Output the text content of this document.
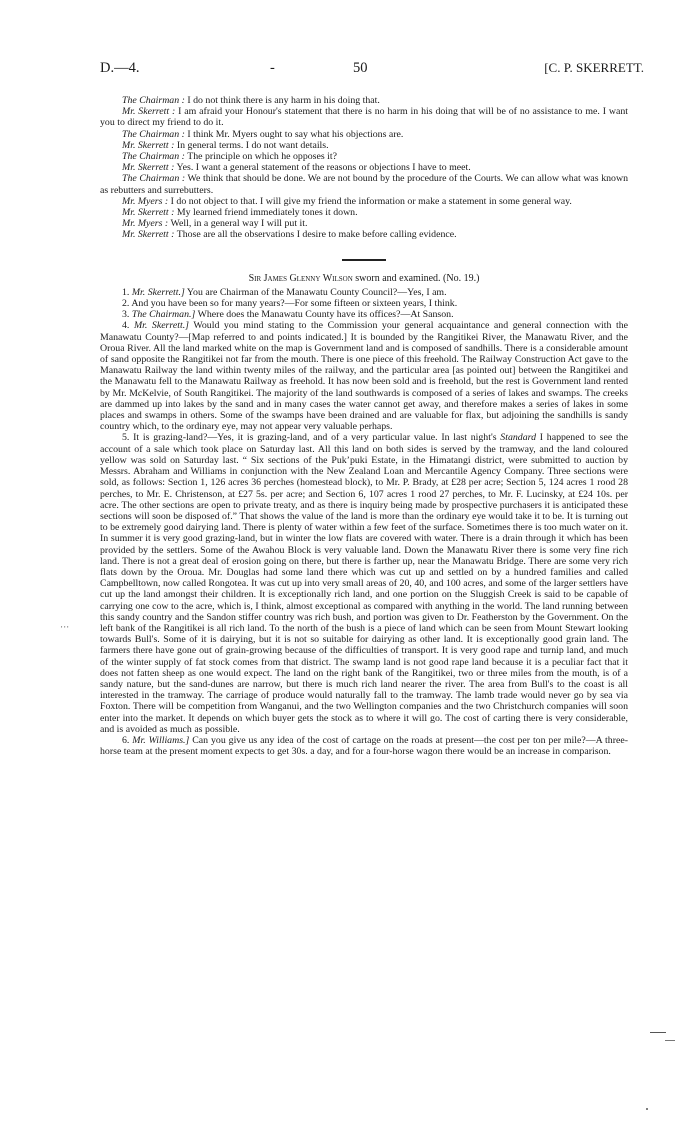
D.—4.	-	50	[C. P. SKERRETT.

The Chairman : I do not think there is any harm in his doing that.

Mr. Skerrett : I am afraid your Honour's statement that there is no harm in his doing that will be of no assistance to me. I want you to direct my friend to do it.

The Chairman : I think Mr. Myers ought to say what his objections are.

Mr. Skerrett : In general terms. I do not want details.

The Chairman : The principle on which he opposes it?

Mr. Skerrett : Yes. I want a general statement of the reasons or objections I have to meet.

The Chairman : We think that should be done. We are not bound by the procedure of the Courts. We can allow what was known as rebutters and surrebutters.

Mr. Myers : I do not object to that. I will give my friend the information or make a statement in some general way.

Mr. Skerrett : My learned friend immediately tones it down.

Mr. Myers : Well, in a general way I will put it.

Mr. Skerrett : Those are all the observations I desire to make before calling evidence.

Sir James Glenny Wilson sworn and examined. (No. 19.)

1. Mr. Skerrett.] You are Chairman of the Manawatu County Council?—Yes, I am.

2. And you have been so for many years?—For some fifteen or sixteen years, I think.

3. The Chairman.] Where does the Manawatu County have its offices?—At Sanson.

4. Mr. Skerrett.] Would you mind stating to the Commission your general acquaintance and general connection with the Manawatu County?—[Map referred to and points indicated.] It is bounded by the Rangitikei River, the Manawatu River, and the Oroua River. All the land marked white on the map is Government land and is composed of sandhills. There is a considerable amount of sand opposite the Rangitikei not far from the mouth. There is one piece of this freehold. The Railway Construction Act gave to the Manawatu Railway the land within twenty miles of the railway, and the particular area [as pointed out] between the Rangitikei and the Manawatu fell to the Manawatu Railway as freehold. It has now been sold and is freehold, but the rest is Government land rented by Mr. McKelvie, of South Rangitikei. The majority of the land southwards is composed of a series of lakes and swamps. The creeks are dammed up into lakes by the sand and in many cases the water cannot get away, and therefore makes a series of lakes in some places and swamps in others. Some of the swamps have been drained and are valuable for flax, but adjoining the sandhills is sandy country which, to the ordinary eye, may not appear very valuable perhaps.

5. It is grazing-land?—Yes, it is grazing-land, and of a very particular value. In last night's Standard I happened to see the account of a sale which took place on Saturday last. All this land on both sides is served by the tramway, and the land coloured yellow was sold on Saturday last. “ Six sections of the Puk’puki Estate, in the Himatangi district, were submitted to auction by Messrs. Abraham and Williams in conjunction with the New Zealand Loan and Mercantile Agency Company. Three sections were sold, as follows: Section 1, 126 acres 36 perches (homestead block), to Mr. P. Brady, at £28 per acre; Section 5, 124 acres 1 rood 28 perches, to Mr. E. Christenson, at £27 5s. per acre; and Section 6, 107 acres 1 rood 27 perches, to Mr. F. Lucinsky, at £24 10s. per acre. The other sections are open to private treaty, and as there is inquiry being made by prospective purchasers it is anticipated these sections will soon be disposed of.” That shows the value of the land is more than the ordinary eye would take it to be. It is turning out to be extremely good dairying land. There is plenty of water within a few feet of the surface. Sometimes there is too much water on it. In summer it is very good grazing-land, but in winter the low flats are covered with water. There is a drain through it which has been provided by the settlers. Some of the Awahou Block is very valuable land. Down the Manawatu River there is some very fine rich land. There is not a great deal of erosion going on there, but there is farther up, near the Manawatu Bridge. There are some very rich flats down by the Oroua. Mr. Douglas had some land there which was cut up and settled on by a hundred families and called Campbelltown, now called Rongotea. It was cut up into very small areas of 20, 40, and 100 acres, and some of the larger settlers have cut up the land amongst their children. It is exceptionally rich land, and one portion on the Sluggish Creek is said to be capable of carrying one cow to the acre, which is, I think, almost exceptional as compared with anything in the world. The land running between this sandy country and the Sandon stiffer country was rich bush, and portion was given to Dr. Featherston by the Government. On the left bank of the Rangitikei is all rich land. To the north of the bush is a piece of land which can be seen from Mount Stewart looking towards Bull's. Some of it is dairying, but it is not so suitable for dairying as other land. It is exceptionally good grain land. The farmers there have gone out of grain-growing because of the difficulties of transport. It is very good rape and turnip land, and much of the winter supply of fat stock comes from that district. The swamp land is not good rape land because it is a peculiar fact that it does not fatten sheep as one would expect. The land on the right bank of the Rangitikei, two or three miles from the mouth, is of a sandy nature, but the sand-dunes are narrow, but there is much rich land nearer the river. The area from Bull's to the coast is all interested in the tramway. The carriage of produce would naturally fall to the tramway. The lamb trade would never go by sea via Foxton. There will be competition from Wanganui, and the two Wellington companies and the two Christchurch companies will soon enter into the market. It depends on which buyer gets the stock as to where it will go. The cost of carting there is very considerable, and is avoided as much as possible.

6. Mr. Williams.] Can you give us any idea of the cost of cartage on the roads at present—the cost per ton per mile?—A three-horse team at the present moment expects to get 30s. a day, and for a four-horse wagon there would be an increase in comparison.

⋅⋅⋅
